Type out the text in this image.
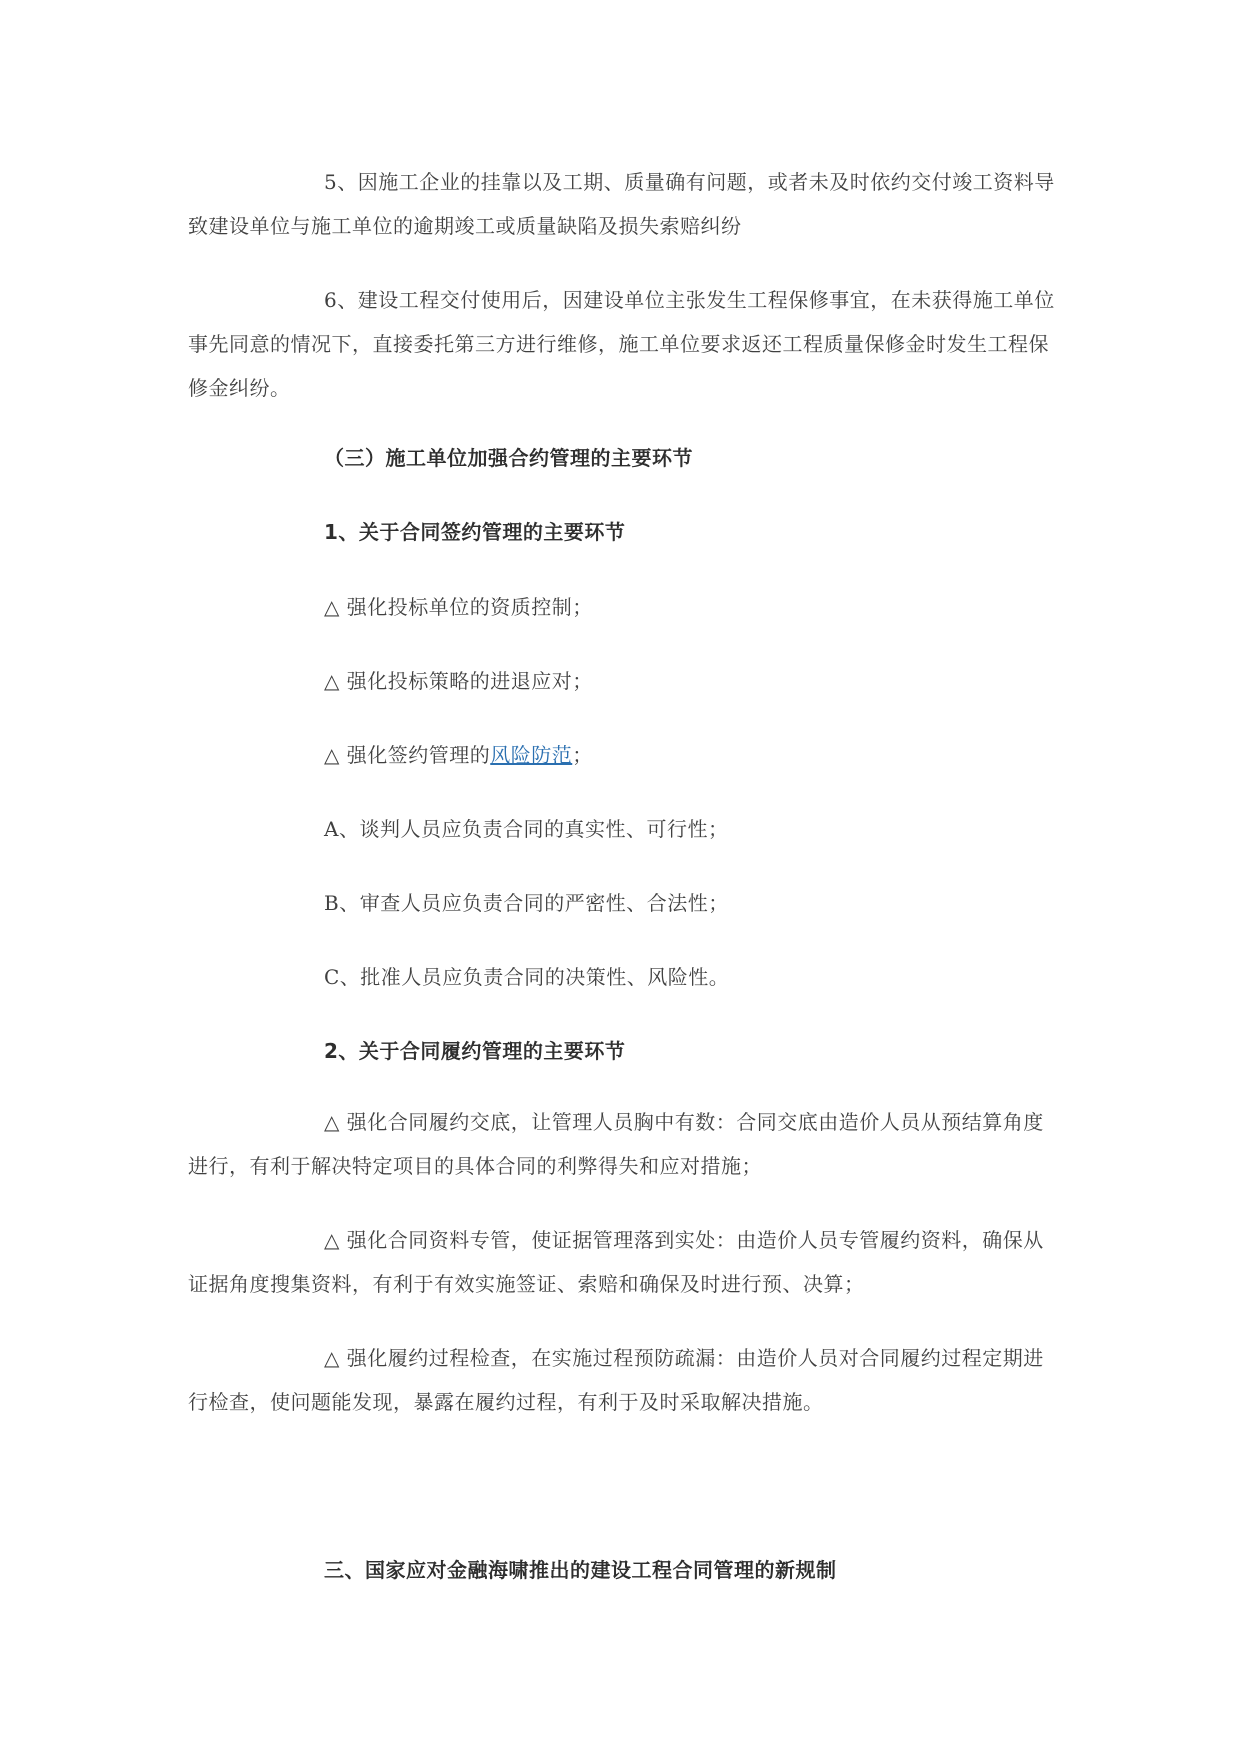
5、因施工企业的挂靠以及工期、质量确有问题，或者未及时依约交付竣工资料导致建设单位与施工单位的逾期竣工或质量缺陷及损失索赔纠纷

6、建设工程交付使用后，因建设单位主张发生工程保修事宜，在未获得施工单位事先同意的情况下，直接委托第三方进行维修，施工单位要求返还工程质量保修金时发生工程保修金纠纷。

（三）施工单位加强合约管理的主要环节

1、关于合同签约管理的主要环节

△ 强化投标单位的资质控制；

△ 强化投标策略的进退应对；

△ 强化签约管理的风险防范；

A、谈判人员应负责合同的真实性、可行性；

B、审查人员应负责合同的严密性、合法性；

C、批准人员应负责合同的决策性、风险性。

2、关于合同履约管理的主要环节

△ 强化合同履约交底，让管理人员胸中有数：合同交底由造价人员从预结算角度进行，有利于解决特定项目的具体合同的利弊得失和应对措施；

△ 强化合同资料专管，使证据管理落到实处：由造价人员专管履约资料，确保从证据角度搜集资料，有利于有效实施签证、索赔和确保及时进行预、决算；

△ 强化履约过程检查，在实施过程预防疏漏：由造价人员对合同履约过程定期进行检查，使问题能发现，暴露在履约过程，有利于及时采取解决措施。

三、国家应对金融海啸推出的建设工程合同管理的新规制
